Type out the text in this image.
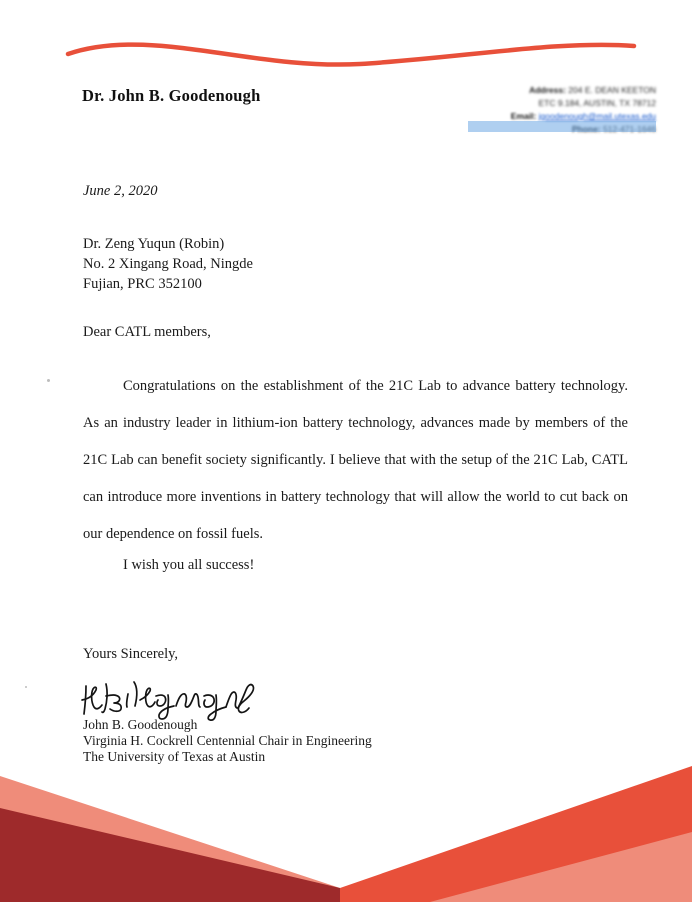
Dr. John B. Goodenough	Address: 204 E. DEAN KEETON
ETC 9.184, AUSTIN, TX 78712
Email: jgoodenough@mail.utexas.edu
June 2, 2020
Dr. Zeng Yuqun (Robin)
No. 2 Xingang Road, Ningde
Fujian, PRC 352100
Dear CATL members,
Congratulations on the establishment of the 21C Lab to advance battery technology. As an industry leader in lithium-ion battery technology, advances made by members of the 21C Lab can benefit society significantly. I believe that with the setup of the 21C Lab, CATL can introduce more inventions in battery technology that will allow the world to cut back on our dependence on fossil fuels.
I wish you all success!
Yours Sincerely,
John B. Goodenough
Virginia H. Cockrell Centennial Chair in Engineering
The University of Texas at Austin
